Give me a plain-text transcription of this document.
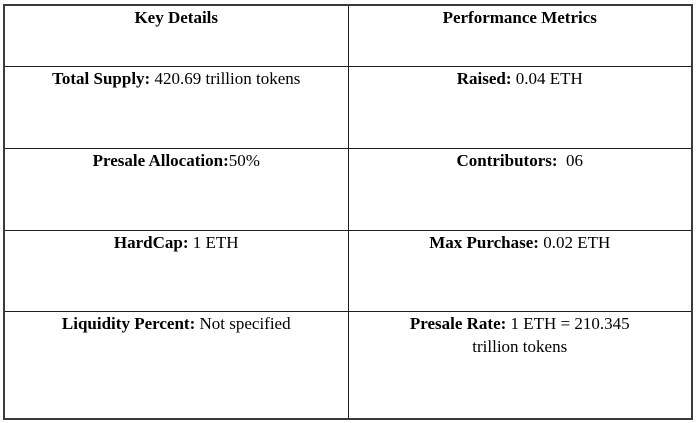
Key Details	Performance Metrics
Total Supply: 420.69 trillion tokens	Raised: 0.04 ETH
Presale Allocation:50%	Contributors:  06
HardCap: 1 ETH	Max Purchase: 0.02 ETH
Liquidity Percent: Not specified	Presale Rate: 1 ETH = 210.345 trillion tokens
